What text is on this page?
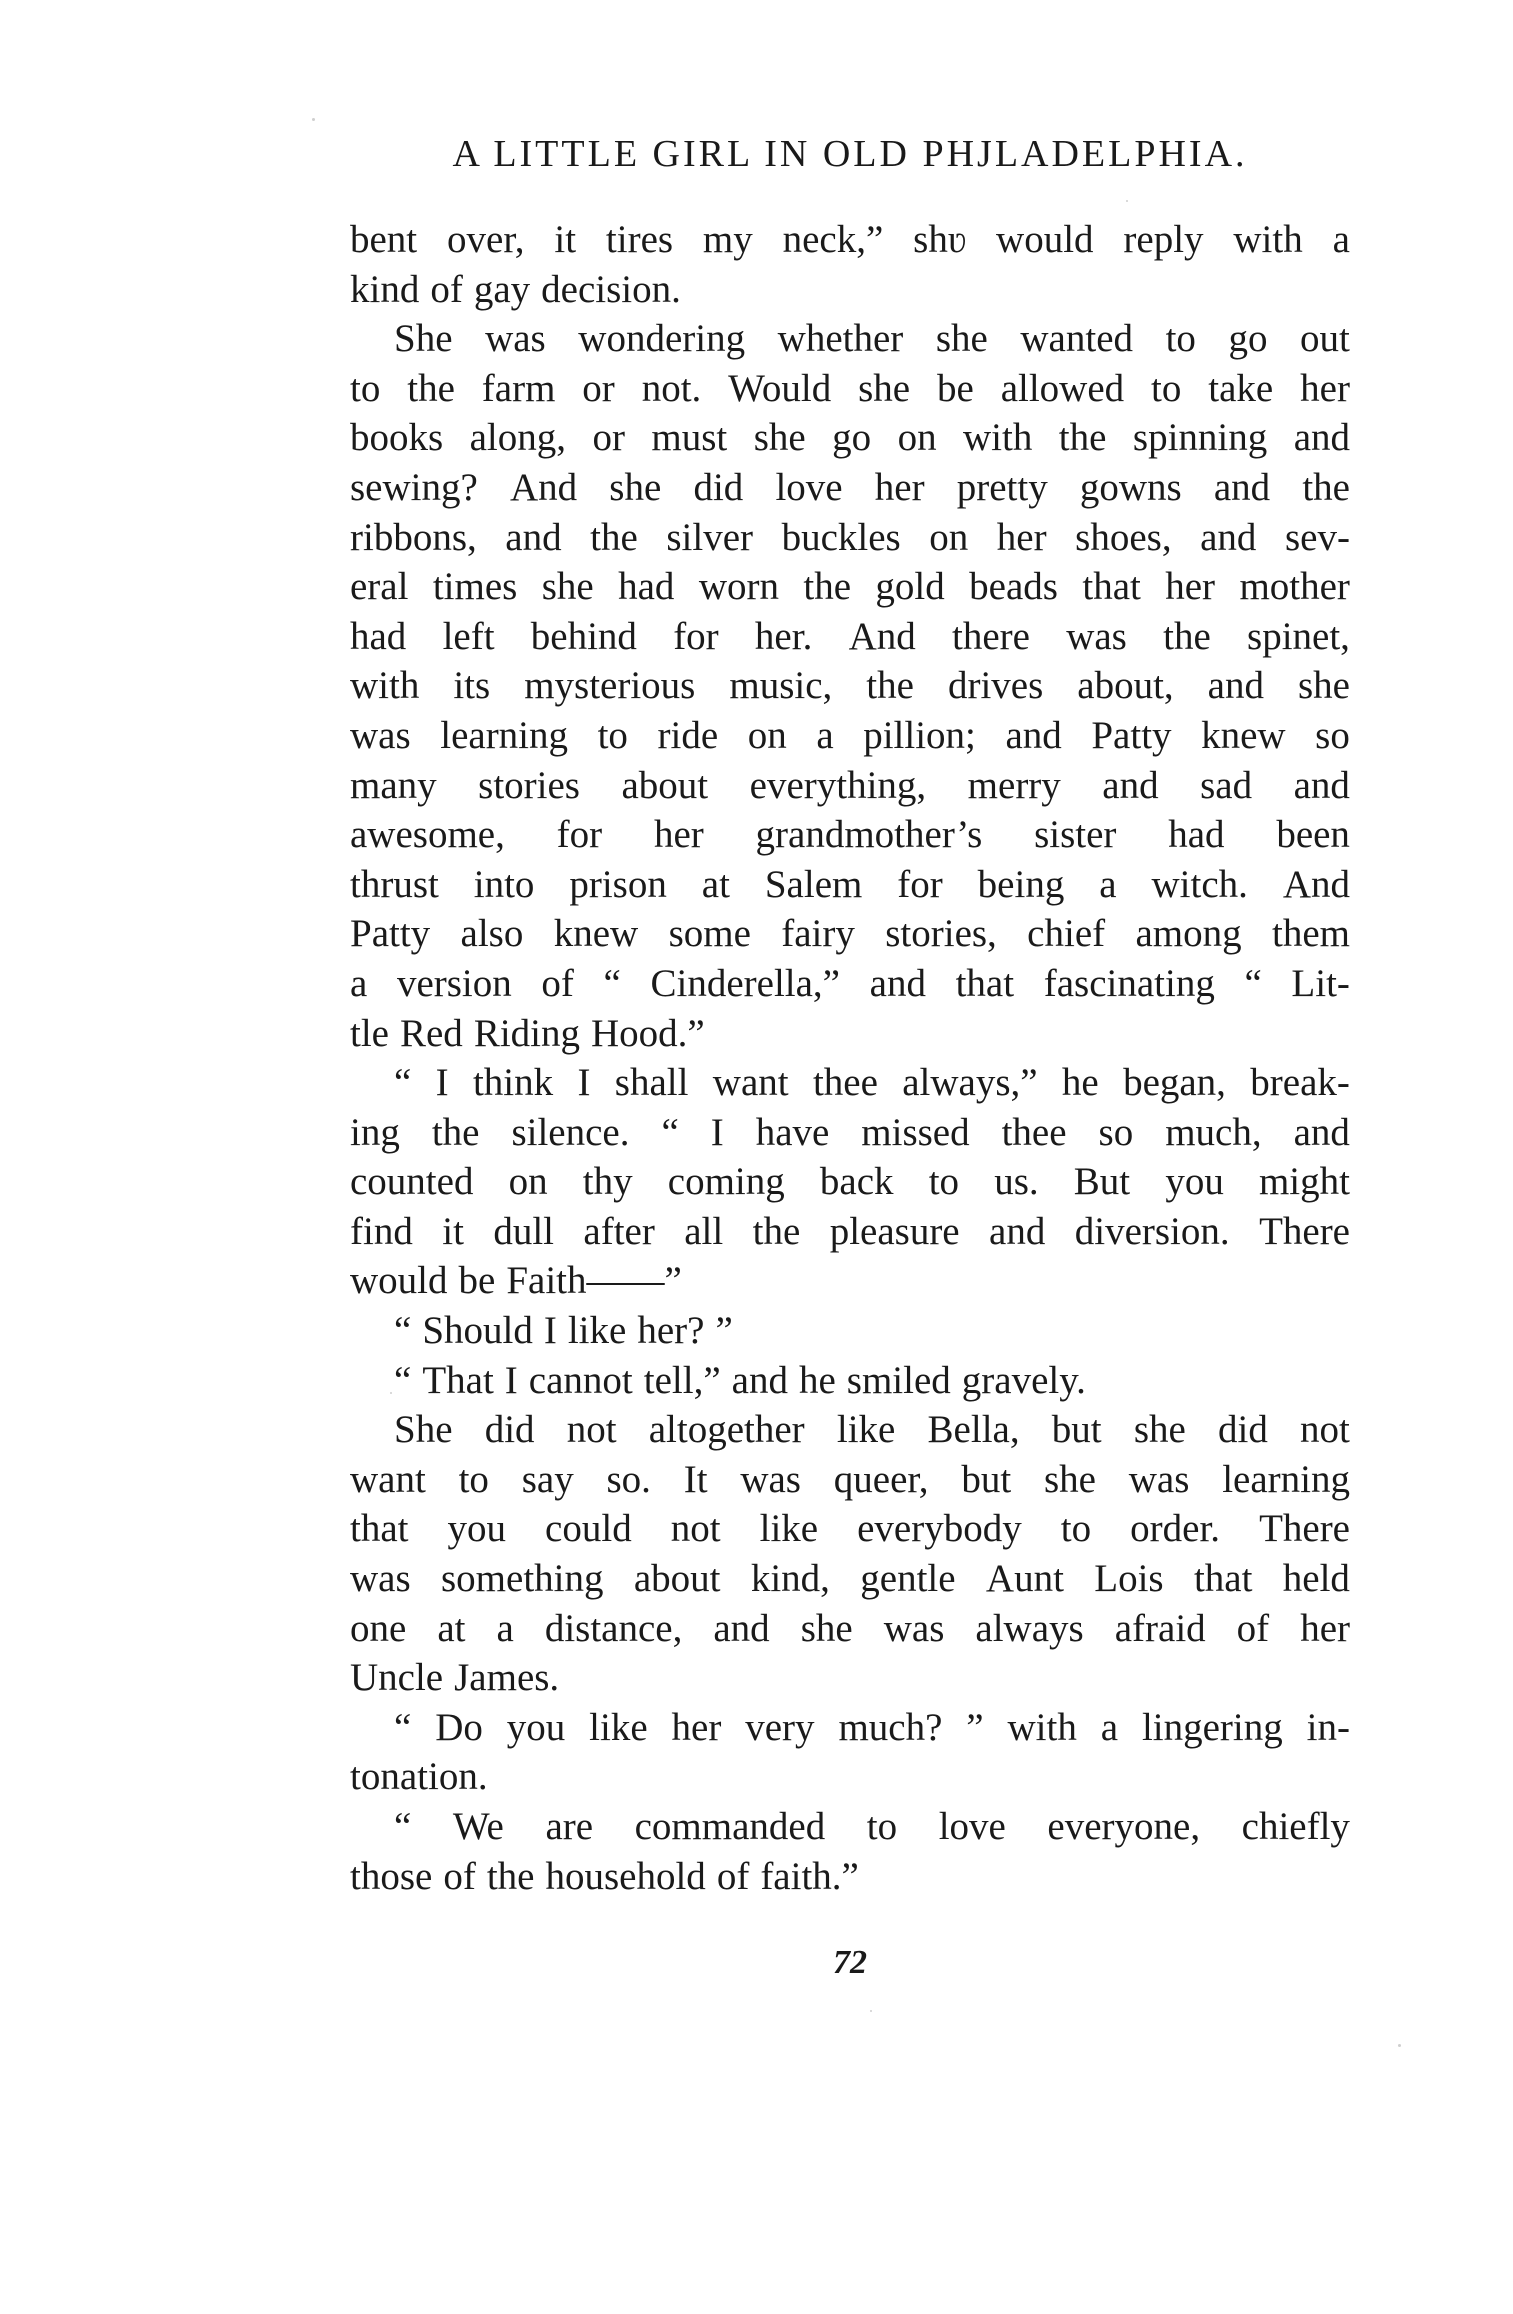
A LITTLE GIRL IN OLD PHJLADELPHIA.
bent over, it tires my neck,” shʋ would reply with a
kind of gay decision.
She was wondering whether she wanted to go out
to the farm or not. Would she be allowed to take her
books along, or must she go on with the spinning and
sewing? And she did love her pretty gowns and the
ribbons, and the silver buckles on her shoes, and sev-
eral times she had worn the gold beads that her mother
had left behind for her. And there was the spinet,
with its mysterious music, the drives about, and she
was learning to ride on a pillion; and Patty knew so
many stories about everything, merry and sad and
awesome, for her grandmother’s sister had been
thrust into prison at Salem for being a witch. And
Patty also knew some fairy stories, chief among them
a version of “ Cinderella,” and that fascinating “ Lit-
tle Red Riding Hood.”
“ I think I shall want thee always,” he began, break-
ing the silence. “ I have missed thee so much, and
counted on thy coming back to us. But you might
find it dull after all the pleasure and diversion. There
would be Faith——”
“ Should I like her? ”
“ That I cannot tell,” and he smiled gravely.
She did not altogether like Bella, but she did not
want to say so. It was queer, but she was learning
that you could not like everybody to order. There
was something about kind, gentle Aunt Lois that held
one at a distance, and she was always afraid of her
Uncle James.
“ Do you like her very much? ” with a lingering in-
tonation.
“ We are commanded to love everyone, chiefly
those of the household of faith.”
72
